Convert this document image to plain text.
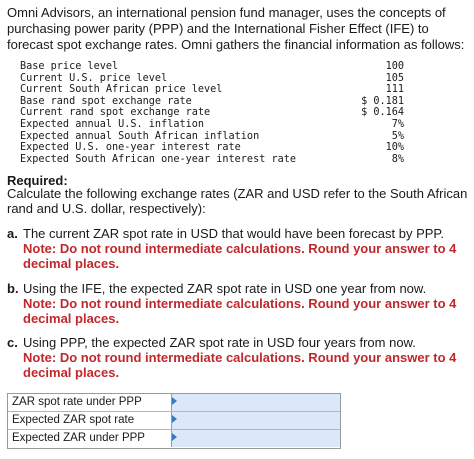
Omni Advisors, an international pension fund manager, uses the concepts of purchasing power parity (PPP) and the International Fisher Effect (IFE) to forecast spot exchange rates. Omni gathers the financial information as follows:
Base price level	100
Current U.S. price level	105
Current South African price level	111
Base rand spot exchange rate	$ 0.181
Current rand spot exchange rate	$ 0.164
Expected annual U.S. inflation	7%
Expected annual South African inflation	5%
Expected U.S. one-year interest rate	10%
Expected South African one-year interest rate	8%
Required:
Calculate the following exchange rates (ZAR and USD refer to the South African rand and U.S. dollar, respectively):
a. The current ZAR spot rate in USD that would have been forecast by PPP.
Note: Do not round intermediate calculations. Round your answer to 4 decimal places.
b. Using the IFE, the expected ZAR spot rate in USD one year from now.
Note: Do not round intermediate calculations. Round your answer to 4 decimal places.
c. Using PPP, the expected ZAR spot rate in USD four years from now.
Note: Do not round intermediate calculations. Round your answer to 4 decimal places.
ZAR spot rate under PPP
Expected ZAR spot rate
Expected ZAR under PPP
